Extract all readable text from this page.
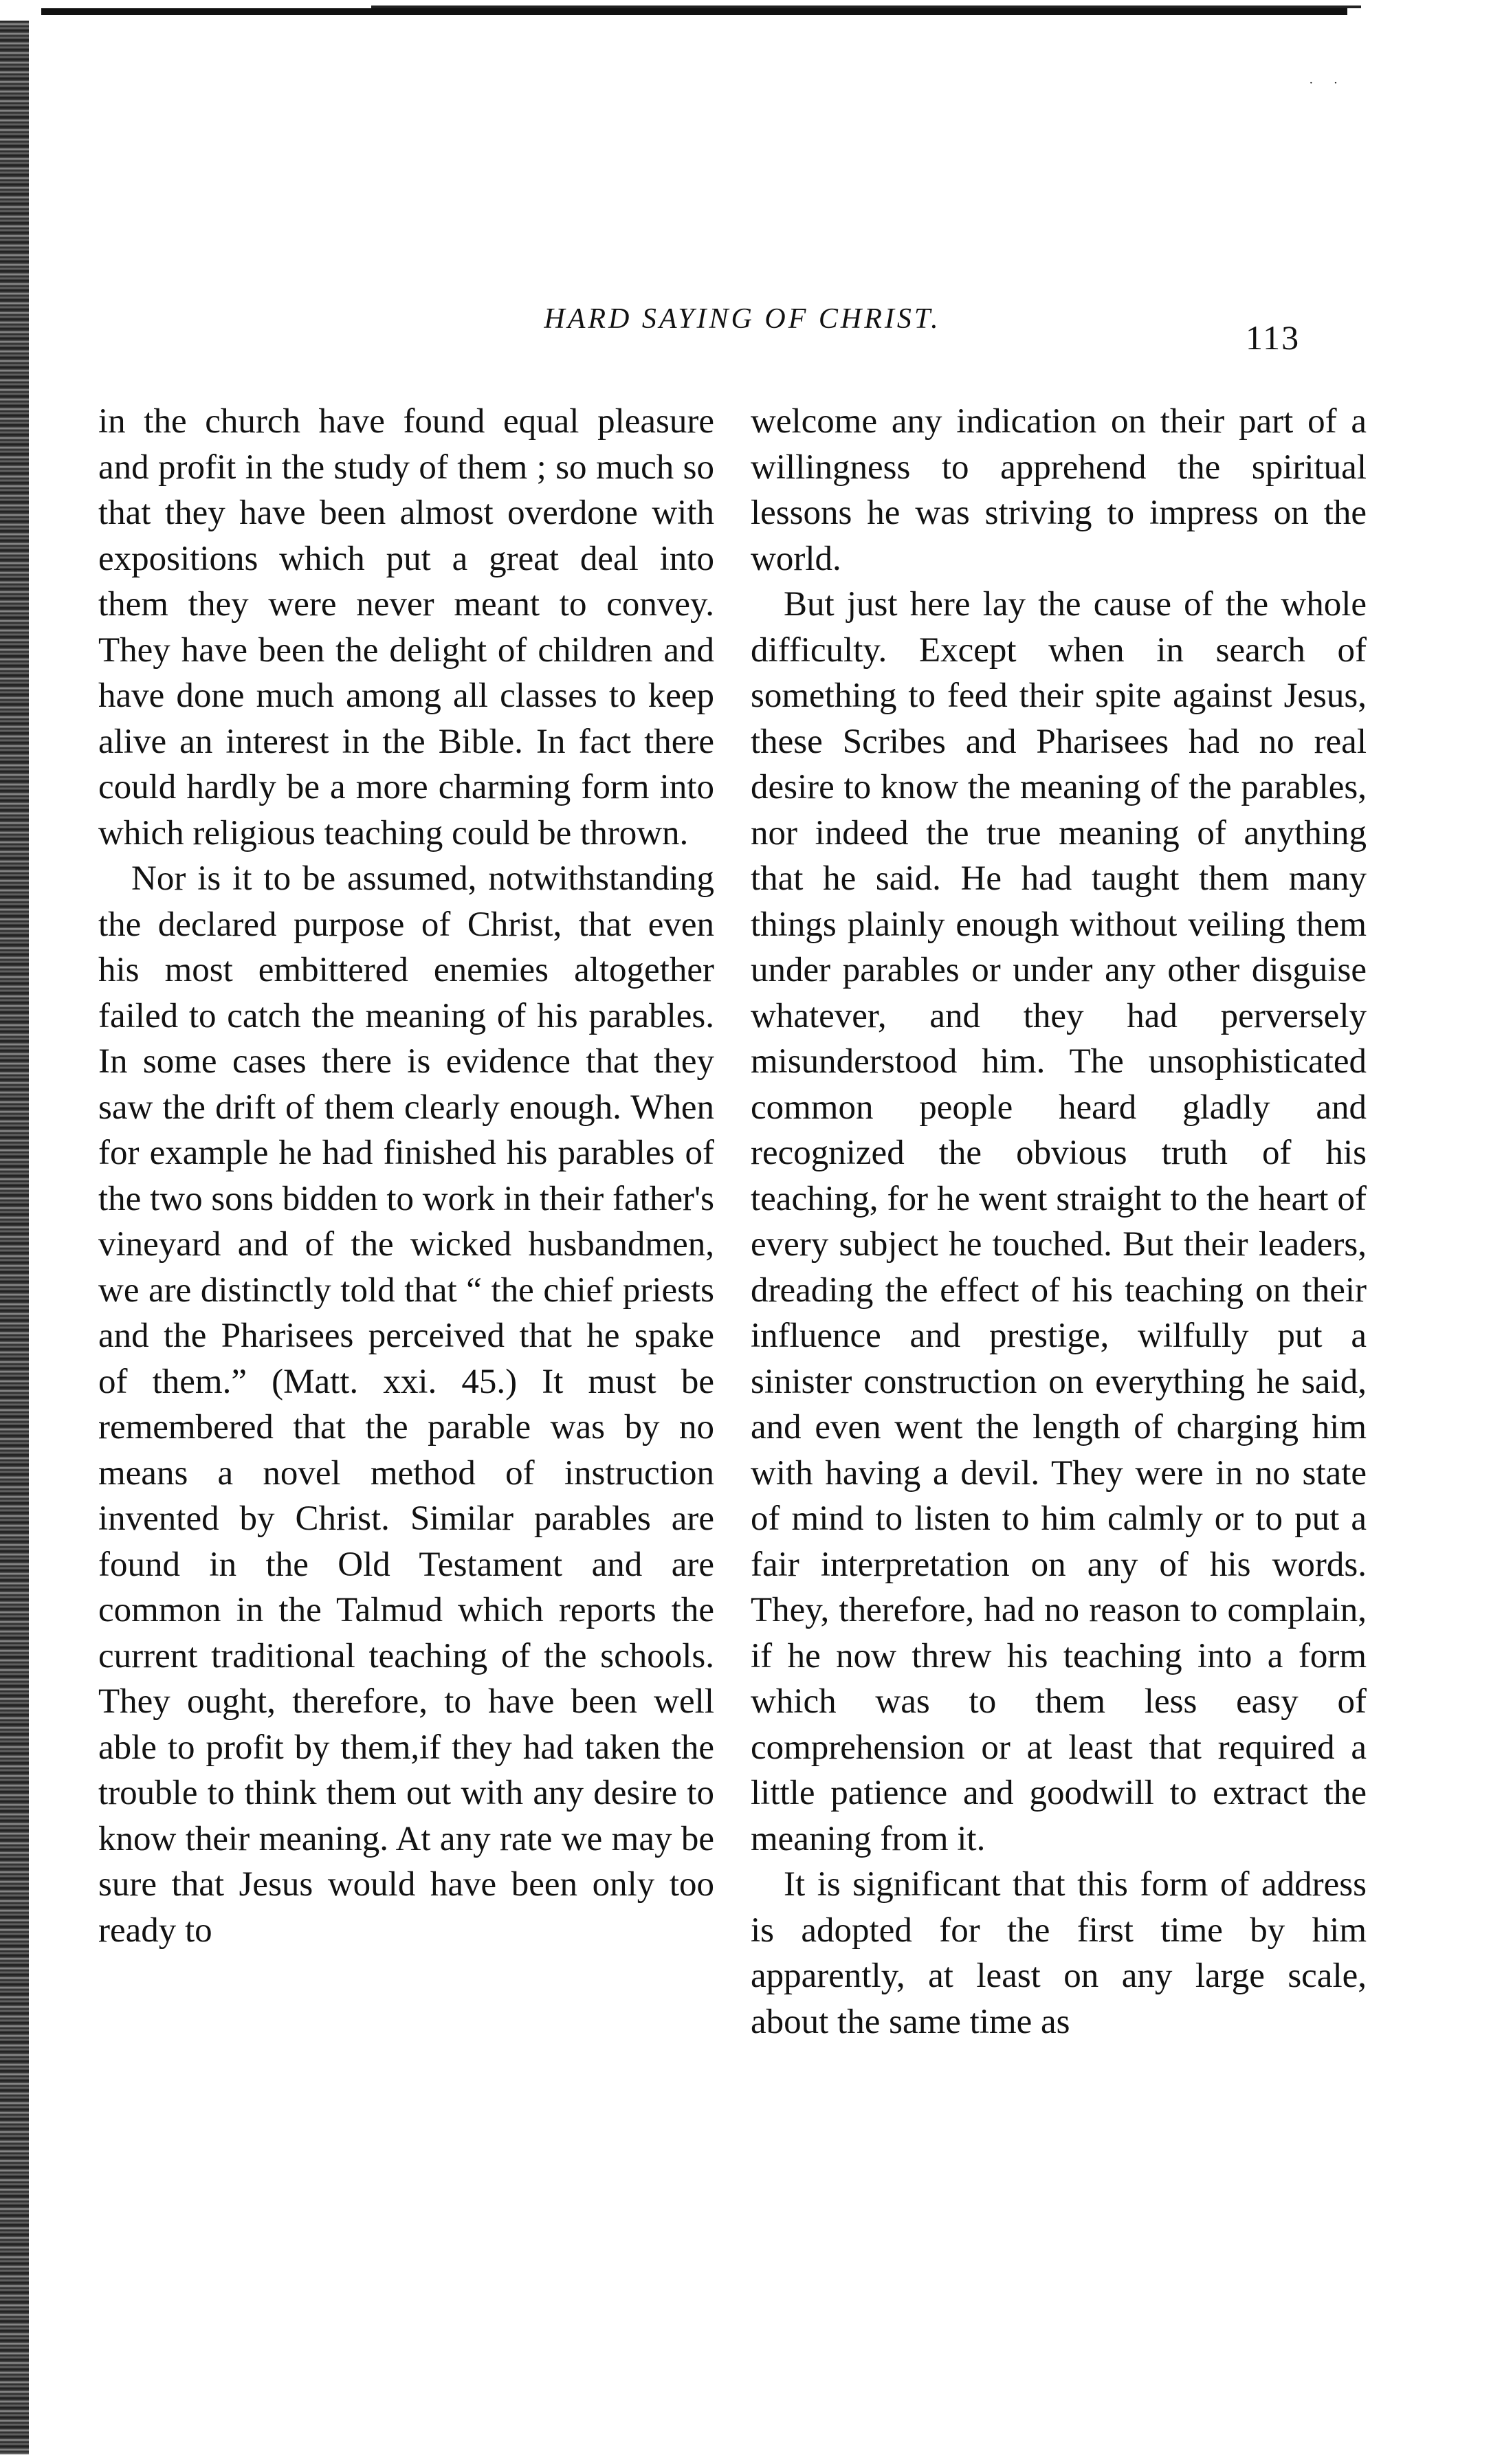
· ·
HARD SAYING OF CHRIST.	113

in the church have found equal pleasure and profit in the study of them ; so much so that they have been almost overdone with expositions which put a great deal into them they were never meant to convey. They have been the delight of children and have done much among all classes to keep alive an interest in the Bible. In fact there could hardly be a more charming form into which religious teaching could be thrown.

Nor is it to be assumed, notwithstanding the declared purpose of Christ, that even his most embittered enemies altogether failed to catch the meaning of his parables. In some cases there is evidence that they saw the drift of them clearly enough. When for example he had finished his parables of the two sons bidden to work in their father's vineyard and of the wicked husbandmen, we are distinctly told that “ the chief priests and the Pharisees perceived that he spake of them.” (Matt. xxi. 45.) It must be remembered that the parable was by no means a novel method of instruction invented by Christ. Similar parables are found in the Old Testament and are common in the Talmud which reports the current traditional teaching of the schools. They ought, therefore, to have been well able to profit by them,if they had taken the trouble to think them out with any desire to know their meaning. At any rate we may be sure that Jesus would have been only too ready to

welcome any indication on their part of a willingness to apprehend the spiritual lessons he was striving to impress on the world.

But just here lay the cause of the whole difficulty. Except when in search of something to feed their spite against Jesus, these Scribes and Pharisees had no real desire to know the meaning of the parables, nor indeed the true meaning of anything that he said. He had taught them many things plainly enough without veiling them under parables or under any other disguise whatever, and they had perversely misunderstood him. The unsophisticated common people heard gladly and recognized the obvious truth of his teaching, for he went straight to the heart of every subject he touched. But their leaders, dreading the effect of his teaching on their influence and prestige, wilfully put a sinister construction on everything he said, and even went the length of charging him with having a devil. They were in no state of mind to listen to him calmly or to put a fair interpretation on any of his words. They, therefore, had no reason to complain, if he now threw his teaching into a form which was to them less easy of comprehension or at least that required a little patience and goodwill to extract the meaning from it.

It is significant that this form of address is adopted for the first time by him apparently, at least on any large scale, about the same time as
